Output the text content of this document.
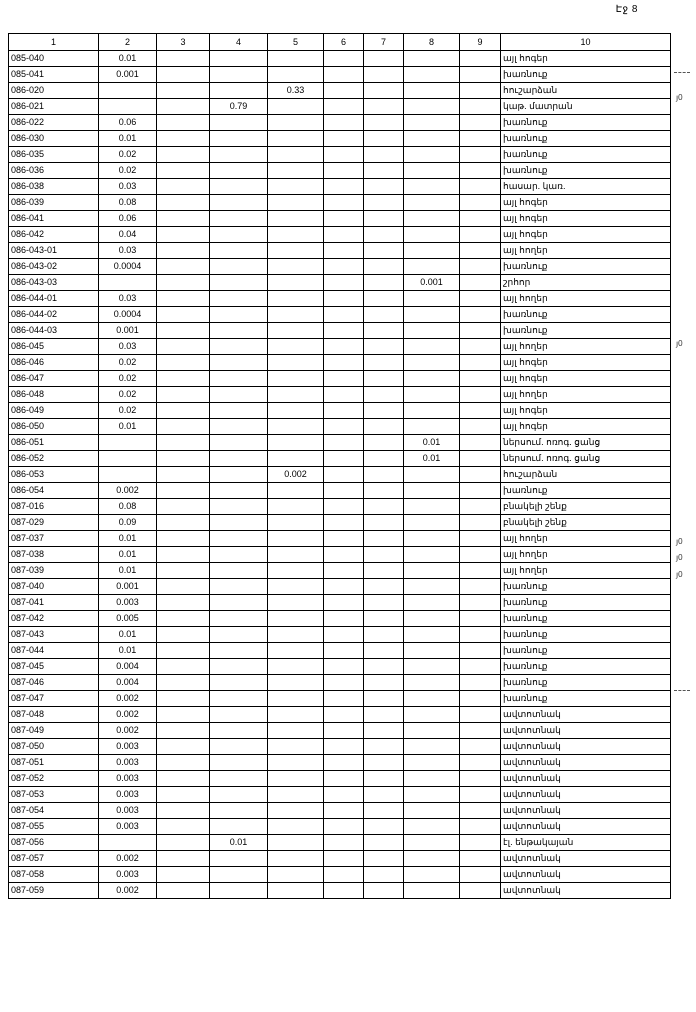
Էջ 8
1	2	3	4	5	6	7	8	9	10
085-040	0.01								այլ հոգեր
085-041	0.001								խառնուք
086-020				0.33					հուշարձան
086-021			0.79						կաթ. մատրան
086-022	0.06								խառնուք
086-030	0.01								խառնուք
086-035	0.02								խառնուք
086-036	0.02								խառնուք
086-038	0.03								հասար. կառ.
086-039	0.08								այլ հոգեր
086-041	0.06								այլ հոգեր
086-042	0.04								այլ հոգեր
086-043-01	0.03								այլ հողեր
086-043-02	0.0004								խառնուք
086-043-03							0.001		շրհոր
086-044-01	0.03								այլ հողեր
086-044-02	0.0004								խառնուք
086-044-03	0.001								խառնուք
086-045	0.03								այլ հողեր
086-046	0.02								այլ հոգեր
086-047	0.02								այլ հոգեր
086-048	0.02								այլ հողեր
086-049	0.02								այլ հոգեր
086-050	0.01								այլ հոգեր
086-051							0.01		ներսում. ոռոգ. ցանց
086-052							0.01		ներսում. ոռոգ. ցանց
086-053				0.002					հուշարձան
086-054	0.002								խառնուք
087-016	0.08								բնակելի շենք
087-029	0.09								բնակելի շենք
087-037	0.01								այլ հողեր
087-038	0.01								այլ հողեր
087-039	0.01								այլ հողեր
087-040	0.001								խառնուք
087-041	0.003								խառնուք
087-042	0.005								խառնուք
087-043	0.01								խառնուք
087-044	0.01								խառնուք
087-045	0.004								խառնուք
087-046	0.004								խառնուք
087-047	0.002								խառնուք
087-048	0.002								ավտոտնակ
087-049	0.002								ավտոտնակ
087-050	0.003								ավտոտնակ
087-051	0.003								ավտոտնակ
087-052	0.003								ավտոտնակ
087-053	0.003								ավտոտնակ
087-054	0.003								ավտոտնակ
087-055	0.003								ավտոտնակ
087-056			0.01						էլ. ենթակայան
087-057	0.002								ավտոտնակ
087-058	0.003								ավտոտնակ
087-059	0.002								ավտոտնակ
յ0
յ0
յ0
յ0
յ0
